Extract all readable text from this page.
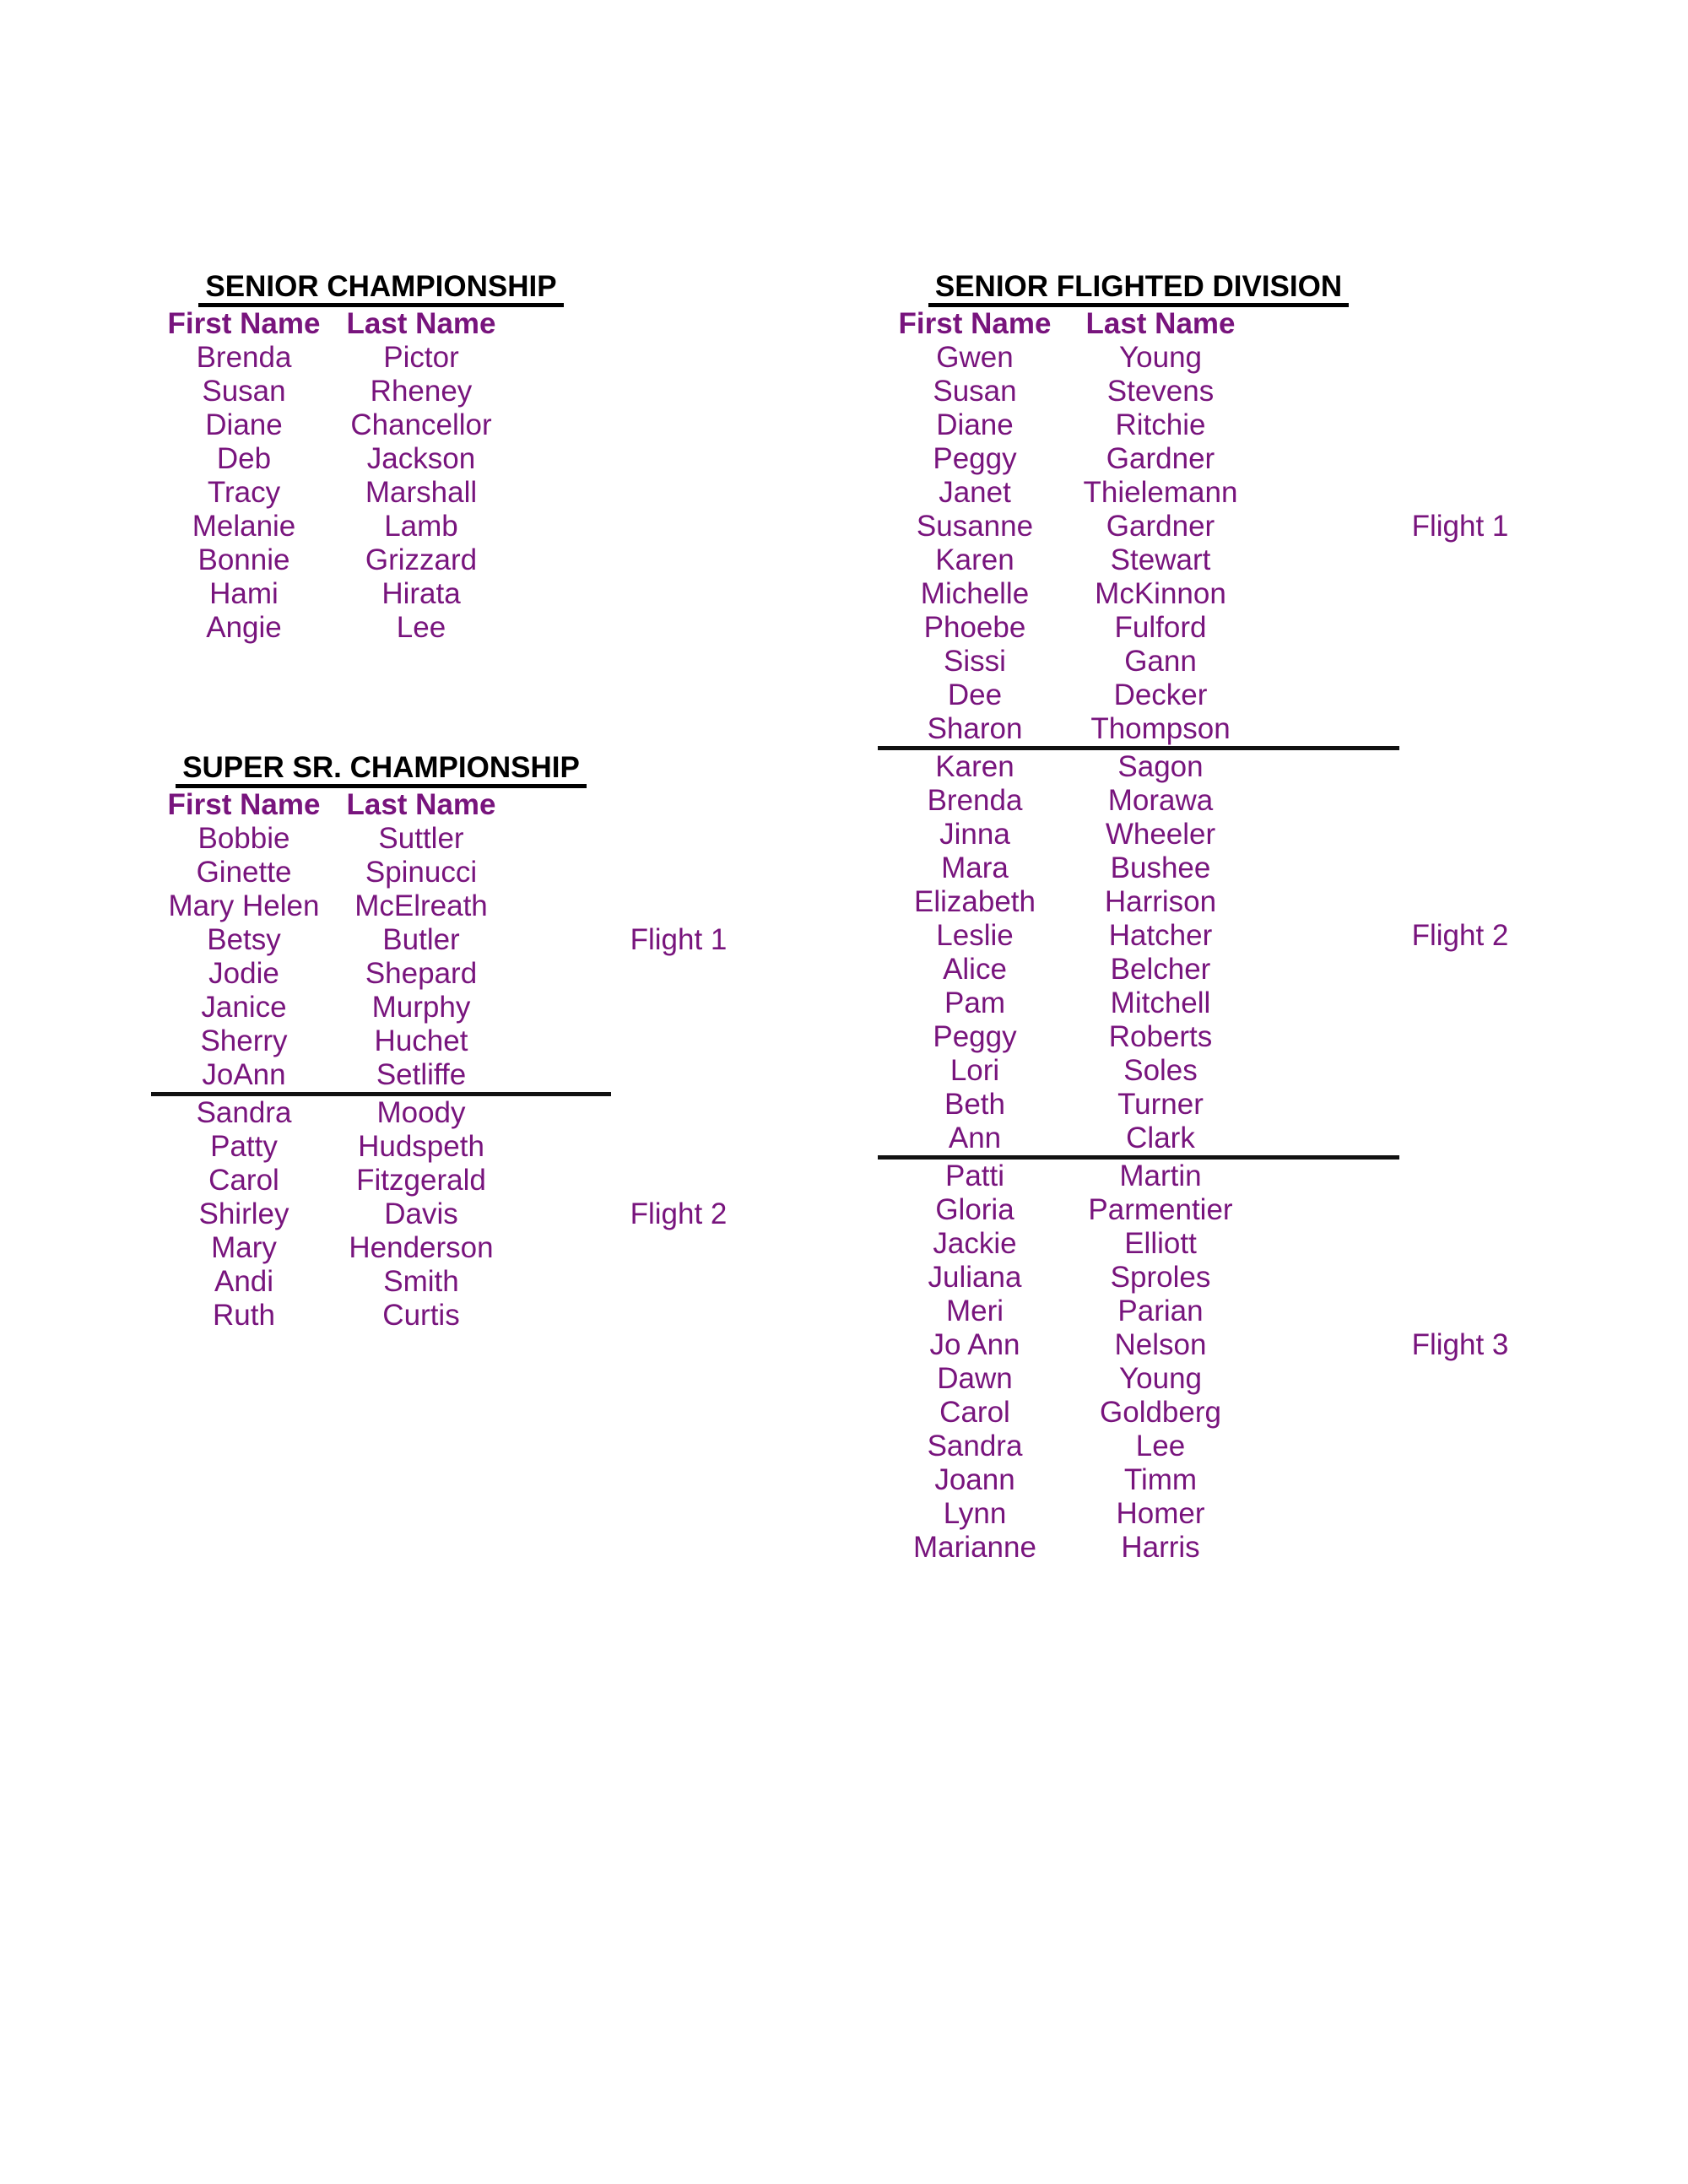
SENIOR CHAMPIONSHIP
First Name Last Name
Brenda	Pictor
Susan	Rheney
Diane	Chancellor
Deb	Jackson
Tracy	Marshall
Melanie	Lamb
Bonnie	Grizzard
Hami	Hirata
Angie	Lee
SUPER SR. CHAMPIONSHIP
First Name Last Name
Bobbie	Suttler
Ginette	Spinucci
Mary Helen	McElreath
Betsy	Butler	Flight 1
Jodie	Shepard
Janice	Murphy
Sherry	Huchet
JoAnn	Setliffe
Sandra	Moody
Patty	Hudspeth
Carol	Fitzgerald
Shirley	Davis	Flight 2
Mary	Henderson
Andi	Smith
Ruth	Curtis
SENIOR FLIGHTED DIVISION
First Name	Last Name
Gwen	Young
Susan	Stevens
Diane	Ritchie
Peggy	Gardner
Janet	Thielemann
Susanne	Gardner	Flight 1
Karen	Stewart
Michelle	McKinnon
Phoebe	Fulford
Sissi	Gann
Dee	Decker
Sharon	Thompson
Karen	Sagon
Brenda	Morawa
Jinna	Wheeler
Mara	Bushee
Elizabeth	Harrison
Leslie	Hatcher	Flight 2
Alice	Belcher
Pam	Mitchell
Peggy	Roberts
Lori	Soles
Beth	Turner
Ann	Clark
Patti	Martin
Gloria	Parmentier
Jackie	Elliott
Juliana	Sproles
Meri	Parian
Jo Ann	Nelson	Flight 3
Dawn	Young
Carol	Goldberg
Sandra	Lee
Joann	Timm
Lynn	Homer
Marianne	Harris
